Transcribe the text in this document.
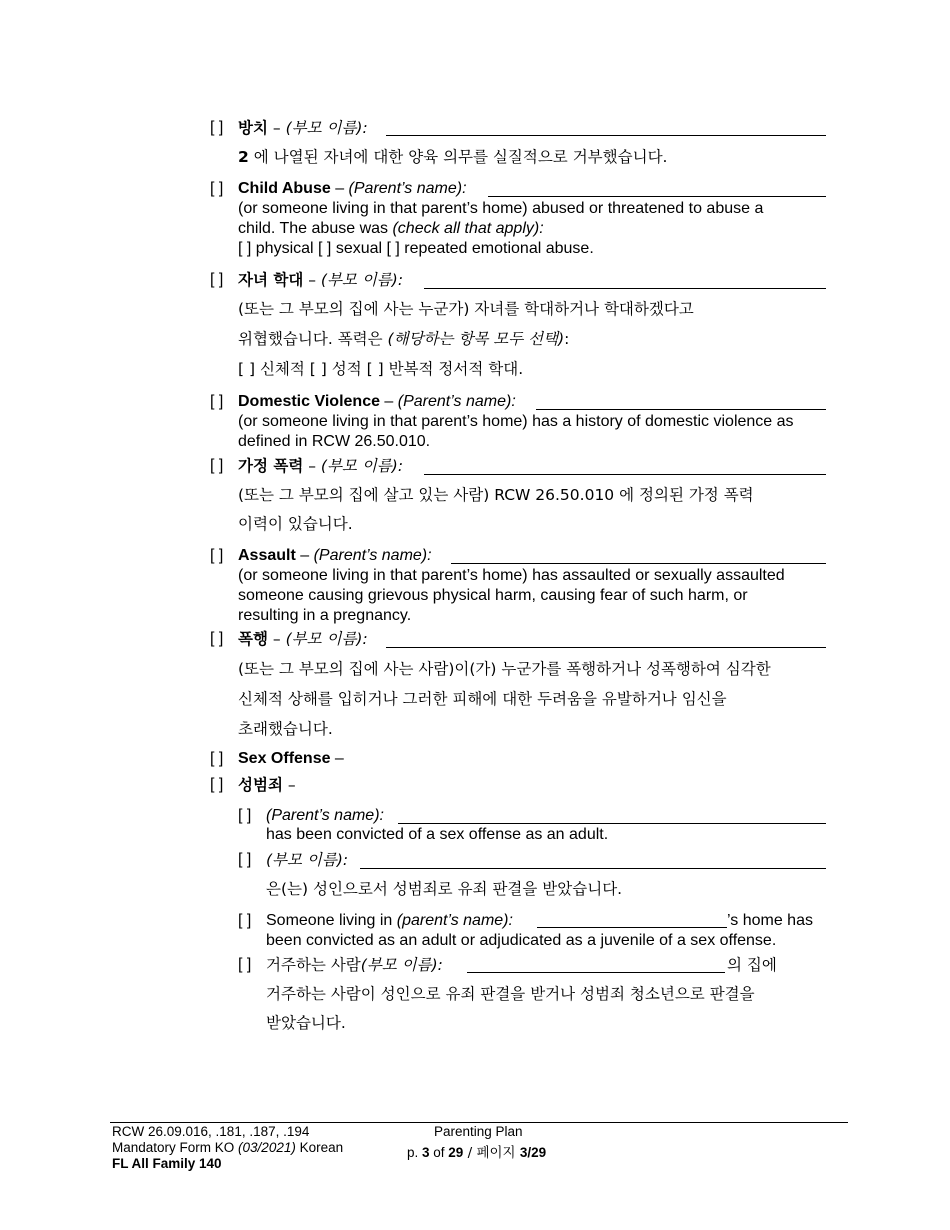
[ ] 방치 – (부모 이름):
2 에 나열된 자녀에 대한 양육 의무를 실질적으로 거부했습니다.
[ ] Child Abuse – (Parent’s name):
(or someone living in that parent’s home) abused or threatened to abuse a
child. The abuse was (check all that apply):
[ ] physical [ ] sexual [ ] repeated emotional abuse.
[ ] 자녀 학대 – (부모 이름):
(또는 그 부모의 집에 사는 누군가) 자녀를 학대하거나 학대하겠다고
위협했습니다. 폭력은 (해당하는 항목 모두 선택):
[ ] 신체적 [ ] 성적 [ ] 반복적 정서적 학대.
[ ] Domestic Violence – (Parent’s name):
(or someone living in that parent’s home) has a history of domestic violence as
defined in RCW 26.50.010.
[ ] 가정 폭력 – (부모 이름):
(또는 그 부모의 집에 살고 있는 사람) RCW 26.50.010 에 정의된 가정 폭력
이력이 있습니다.
[ ] Assault – (Parent’s name):
(or someone living in that parent’s home) has assaulted or sexually assaulted
someone causing grievous physical harm, causing fear of such harm, or
resulting in a pregnancy.
[ ] 폭행 – (부모 이름):
(또는 그 부모의 집에 사는 사람)이(가) 누군가를 폭행하거나 성폭행하여 심각한
신체적 상해를 입히거나 그러한 피해에 대한 두려움을 유발하거나 임신을
초래했습니다.
[ ] Sex Offense –
[ ] 성범죄 –
[ ] (Parent’s name):
has been convicted of a sex offense as an adult.
[ ] (부모 이름):
은(는) 성인으로서 성범죄로 유죄 판결을 받았습니다.
[ ] Someone living in (parent’s name):	’s home has
been convicted as an adult or adjudicated as a juvenile of a sex offense.
[ ] 거주하는 사람(부모 이름):	의 집에
거주하는 사람이 성인으로 유죄 판결을 받거나 성범죄 청소년으로 판결을
받았습니다.
RCW 26.09.016, .181, .187, .194
Mandatory Form KO (03/2021) Korean
FL All Family 140
Parenting Plan
p. 3 of 29 / 페이지 3/29
